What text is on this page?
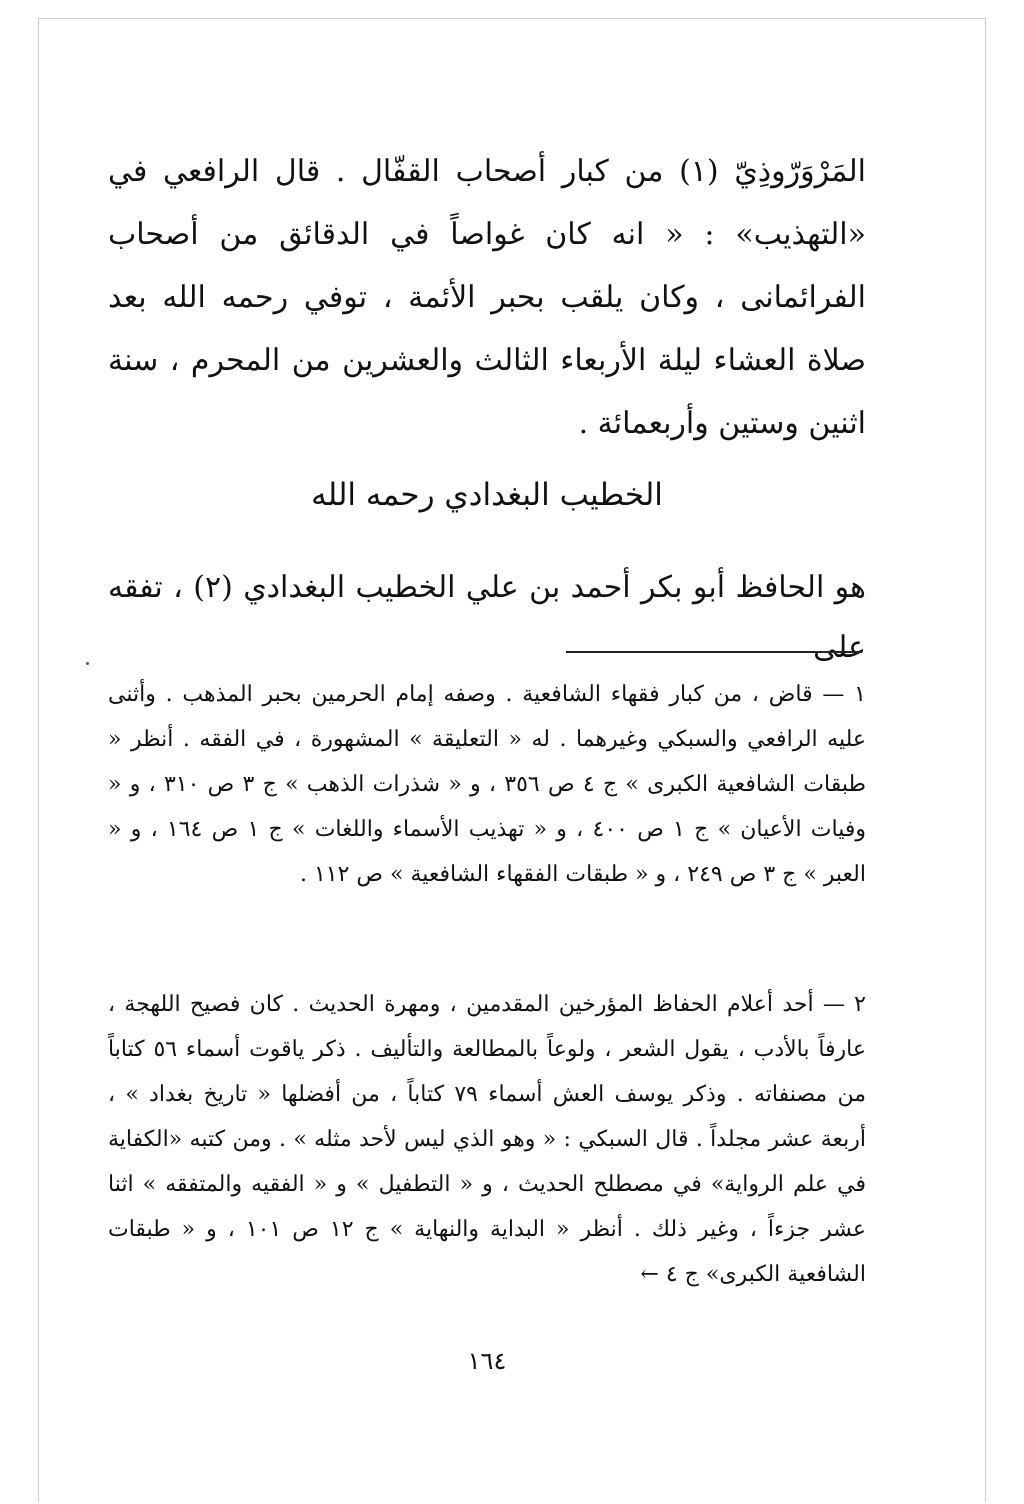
المَرْوَرّوذِيّ (١) من كبار أصحاب القفّال . قال الرافعي في «التهذيب» : « انه كان غواصاً في الدقائق من أصحاب الفرائمانى ، وكان يلقب بحبر الأئمة ، توفي رحمه الله بعد صلاة العشاء ليلة الأربعاء الثالث والعشرين من المحرم ، سنة اثنين وستين وأربعمائة .
الخطيب البغدادي رحمه الله
هو الحافظ أبو بكر أحمد بن علي الخطيب البغدادي (٢) ، تفقه على
١ — قاض ، من كبار فقهاء الشافعية . وصفه إمام الحرمين بحبر المذهب . وأثنى عليه الرافعي والسبكي وغيرهما . له « التعليقة » المشهورة ، في الفقه . أنظر « طبقات الشافعية الكبرى » ج ٤ ص ٣٥٦ ، و « شذرات الذهب » ج ٣ ص ٣١٠ ، و « وفيات الأعيان » ج ١ ص ٤٠٠ ، و « تهذيب الأسماء واللغات » ج ١ ص ١٦٤ ، و « العبر » ج ٣ ص ٢٤٩ ، و « طبقات الفقهاء الشافعية » ص ١١٢ .
٢ — أحد أعلام الحفاظ المؤرخين المقدمين ، ومهرة الحديث . كان فصيح اللهجة ، عارفاً بالأدب ، يقول الشعر ، ولوعاً بالمطالعة والتأليف . ذكر ياقوت أسماء ٥٦ كتاباً من مصنفاته . وذكر يوسف العش أسماء ٧٩ كتاباً ، من أفضلها « تاريخ بغداد » ، أربعة عشر مجلداً . قال السبكي : « وهو الذي ليس لأحد مثله » . ومن كتبه «الكفاية في علم الرواية» في مصطلح الحديث ، و « التطفيل » و « الفقيه والمتفقه » اثنا عشر جزءاً ، وغير ذلك . أنظر « البداية والنهاية » ج ١٢ ص ١٠١ ، و « طبقات الشافعية الكبرى» ج ٤ ←
١٦٤
